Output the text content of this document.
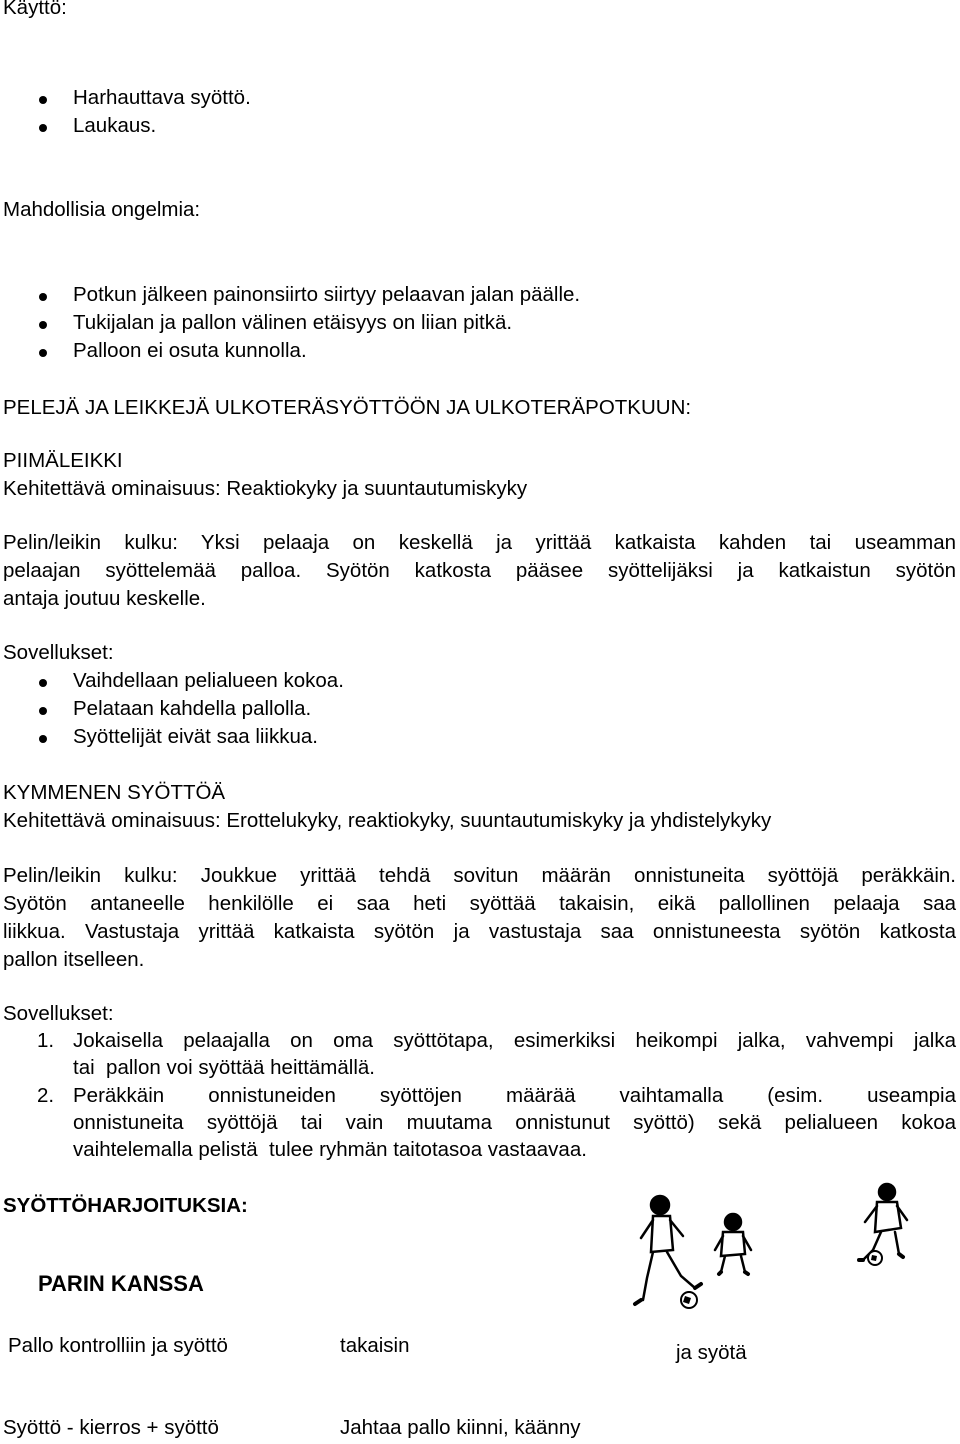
Käyttö:
Harhauttava syöttö.
Laukaus.
Mahdollisia ongelmia:
Potkun jälkeen painonsiirto siirtyy pelaavan jalan päälle.
Tukijalan ja pallon välinen etäisyys on liian pitkä.
Palloon ei osuta kunnolla.
PELEJÄ JA LEIKKEJÄ ULKOTERÄSYÖTTÖÖN JA ULKOTERÄPOTKUUN:
PIIMÄLEIKKI
Kehitettävä ominaisuus: Reaktiokyky ja suuntautumiskyky
Pelin/leikin kulku: Yksi pelaaja on keskellä ja yrittää katkaista kahden tai useamman
pelaajan syöttelemää palloa. Syötön katkosta pääsee syöttelijäksi ja katkaistun syötön
antaja joutuu keskelle.
Sovellukset:
Vaihdellaan pelialueen kokoa.
Pelataan kahdella pallolla.
Syöttelijät eivät saa liikkua.
KYMMENEN SYÖTTÖÄ
Kehitettävä ominaisuus: Erottelukyky, reaktiokyky, suuntautumiskyky ja yhdistelykyky
Pelin/leikin kulku: Joukkue yrittää tehdä sovitun määrän onnistuneita syöttöjä peräkkäin.
Syötön antaneelle henkilölle ei saa heti syöttää takaisin, eikä pallollinen pelaaja saa
liikkua. Vastustaja yrittää katkaista syötön ja vastustaja saa onnistuneesta syötön katkosta
pallon itselleen.
Sovellukset:
1. Jokaisella pelaajalla on oma syöttötapa, esimerkiksi heikompi jalka, vahvempi jalka
tai  pallon voi syöttää heittämällä.
2. Peräkkäin onnistuneiden syöttöjen määrää vaihtamalla (esim. useampia
onnistuneita syöttöjä tai vain muutama onnistunut syöttö) sekä pelialueen kokoa
vaihtelemalla pelistä  tulee ryhmän taitotasoa vastaavaa.
SYÖTTÖHARJOITUKSIA:
PARIN KANSSA
Pallo kontrolliin ja syöttö	takaisin	ja syötä
Syöttö - kierros + syöttö	Jahtaa pallo kiinni, käänny
